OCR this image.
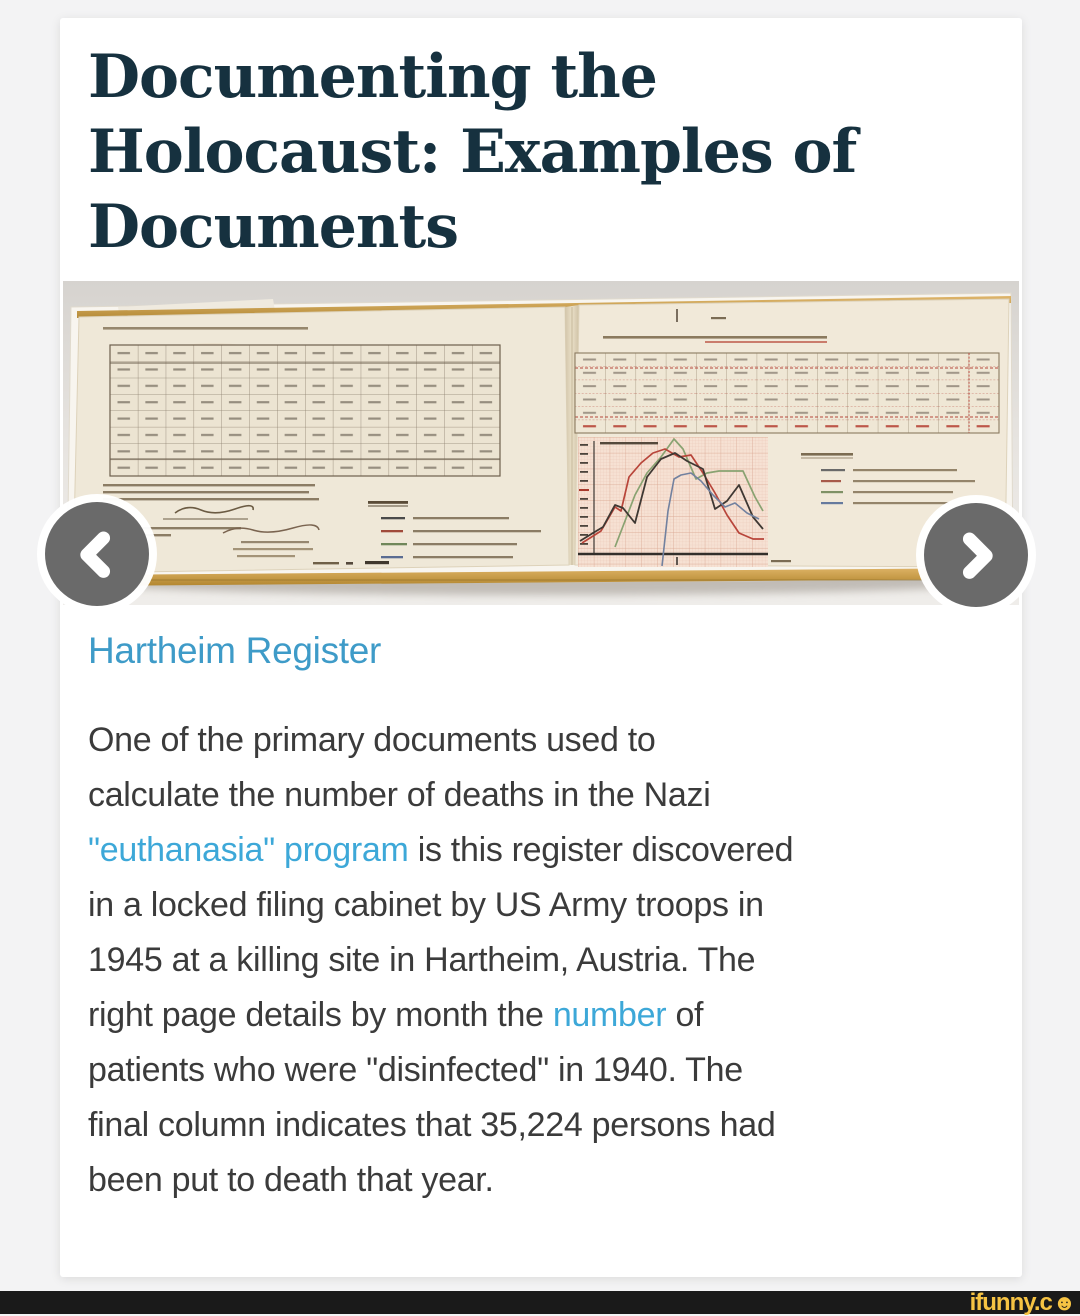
Documenting the
Holocaust: Examples of
Documents
Hartheim Register
One of the primary documents used to
calculate the number of deaths in the Nazi
"euthanasia" program is this register discovered
in a locked filing cabinet by US Army troops in
1945 at a killing site in Hartheim, Austria. The
right page details by month the number of
patients who were "disinfected" in 1940. The
final column indicates that 35,224 persons had
been put to death that year.
ifunny.c ☻
